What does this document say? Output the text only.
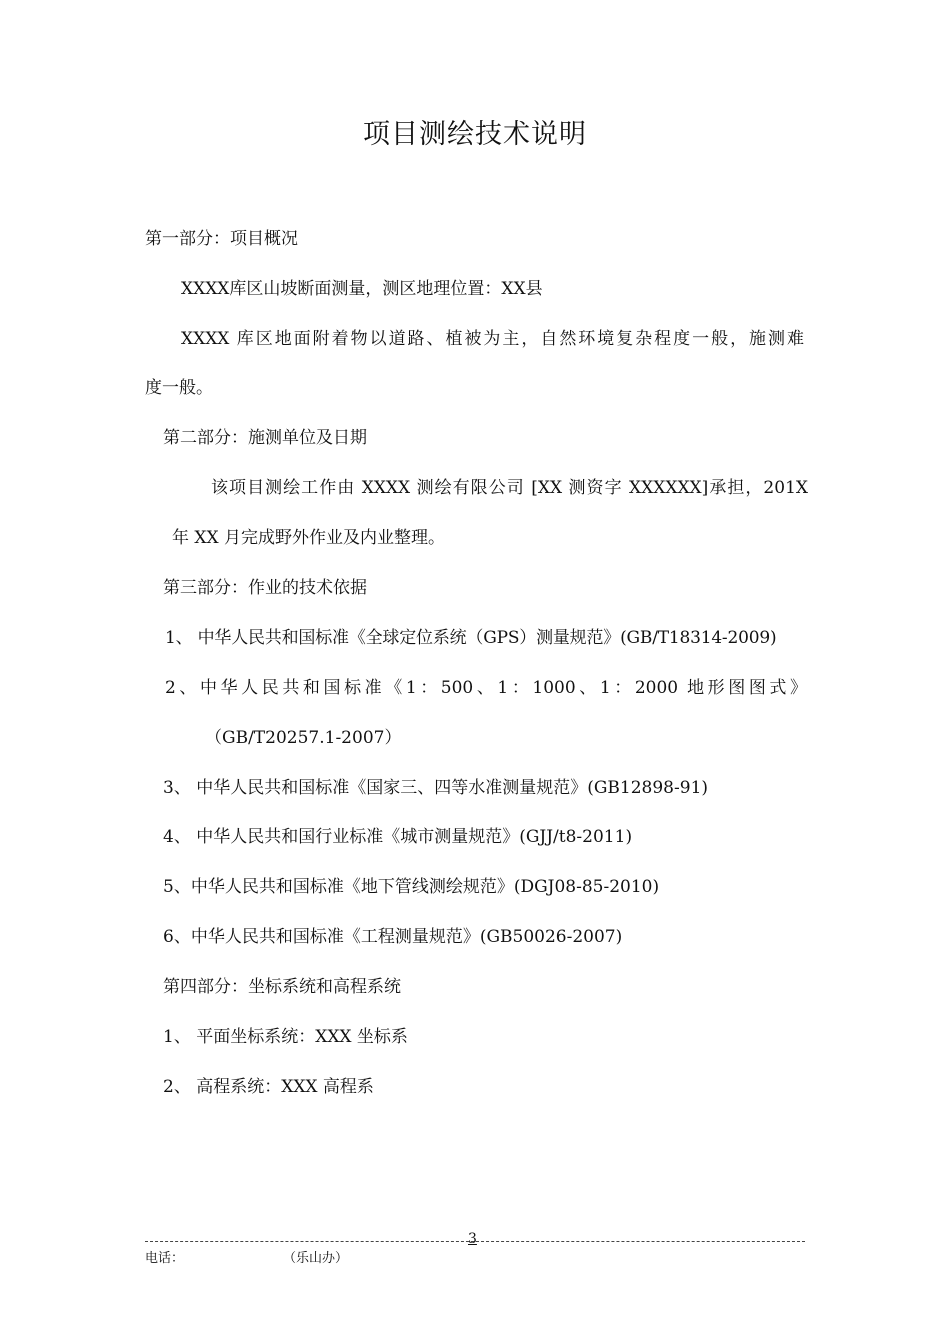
项目测绘技术说明
第一部分：项目概况
XXXX库区山坡断面测量，测区地理位置：XX县
XXXX 库区地面附着物以道路、植被为主，自然环境复杂程度一般，施测难
度一般。
第二部分：施测单位及日期
该项目测绘工作由 XXXX 测绘有限公司 [XX 测资字 XXXXXX]承担，201X
年 XX 月完成野外作业及内业整理。
第三部分：作业的技术依据
1、 中华人民共和国标准《全球定位系统（GPS）测量规范》(GB/T18314-2009)
2、中华人民共和国标准《1：500、1：1000、1：2000 地形图图式》
（GB/T20257.1-2007）
3、 中华人民共和国标准《国家三、四等水准测量规范》(GB12898-91)
4、 中华人民共和国行业标准《城市测量规范》(GJJ/t8-2011)
5、中华人民共和国标准《地下管线测绘规范》(DGJ08-85-2010)
6、中华人民共和国标准《工程测量规范》(GB50026-2007)
第四部分：坐标系统和高程系统
1、 平面坐标系统：XXX 坐标系
2、 高程系统：XXX 高程系
3
电话：	（乐山办）
